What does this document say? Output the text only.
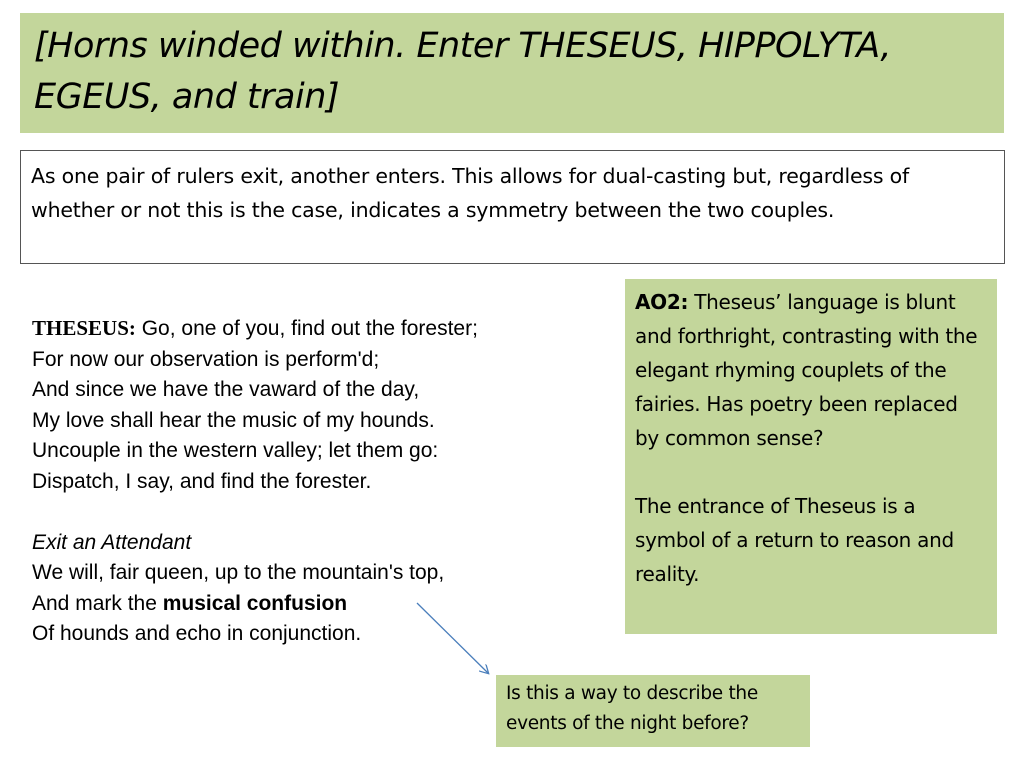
[Horns winded within. Enter THESEUS, HIPPOLYTA,

EGEUS, and train]

As one pair of rulers exit, another enters. This allows for dual-casting but, regardless of whether or not this is the case, indicates a symmetry between the two couples.

THESEUS: Go, one of you, find out the forester;
For now our observation is perform'd;
And since we have the vaward of the day,
My love shall hear the music of my hounds.
Uncouple in the western valley; let them go:
Dispatch, I say, and find the forester.
Exit an Attendant
We will, fair queen, up to the mountain's top,
And mark the musical confusion
Of hounds and echo in conjunction.

AO2: Theseus’ language is blunt and forthright, contrasting with the elegant rhyming couplets of the fairies. Has poetry been replaced by common sense?

The entrance of Theseus is a symbol of a return to reason and reality.

Is this a way to describe the events of the night before?
